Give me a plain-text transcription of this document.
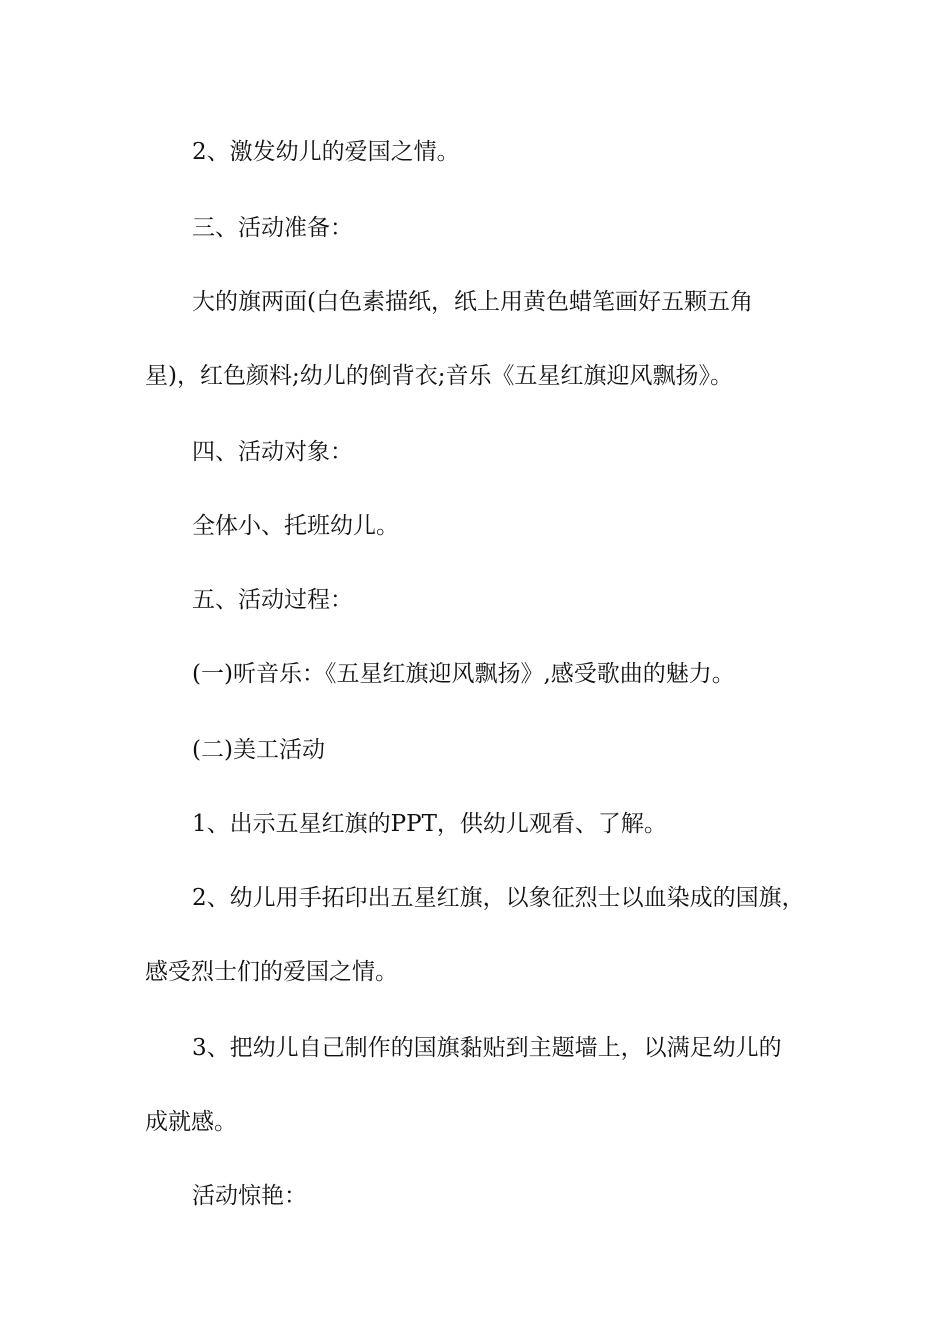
2、激发幼儿的爱国之情。
三、活动准备：
大的旗两面(白色素描纸，纸上用黄色蜡笔画好五颗五角
星)，红色颜料;幼儿的倒背衣;音乐《五星红旗迎风飘扬》。
四、活动对象：
全体小、托班幼儿。
五、活动过程：
(一)听音乐：《五星红旗迎风飘扬》,感受歌曲的魅力。
(二)美工活动
1、出示五星红旗的PPT，供幼儿观看、了解。
2、幼儿用手拓印出五星红旗，以象征烈士以血染成的国旗，
感受烈士们的爱国之情。
3、把幼儿自己制作的国旗黏贴到主题墙上，以满足幼儿的
成就感。
活动惊艳：
